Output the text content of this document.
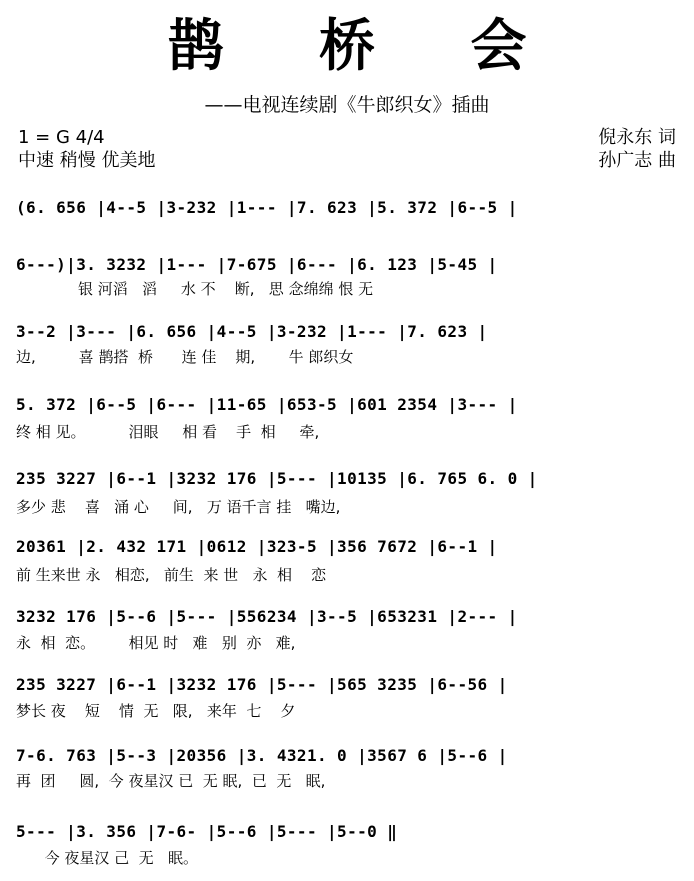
鹊 桥 会
——电视连续剧《牛郎织女》插曲
1 = G 4/4
中速 稍慢 优美地
倪永东 词
孙广志 曲
(6. 656 |4--5 |3-232 |1--- |7. 623 |5. 372 |6--5 |
6---)|3. 3232 |1--- |7-675 |6--- |6. 123 |5-45 |
银 河滔   滔     水 不    断,   思 念绵绵 恨 无
3--2 |3--- |6. 656 |4--5 |3-232 |1--- |7. 623 |
边,         喜 鹊搭  桥      连 佳    期,       牛 郎织女
5. 372 |6--5 |6--- |11-65 |653-5 |601 2354 |3--- |
终 相 见。         泪眼     相 看    手  相     牵,
235 3227 |6--1 |3232 176 |5--- |10135 |6. 765 6. 0 |
多少 悲    喜   涌 心     间,   万 语千言 挂   嘴边,
20361 |2. 432 171 |0612 |323-5 |356 7672 |6--1 |
前 生来世 永   相恋,   前生  来 世   永  相    恋
3232 176 |5--6 |5--- |556234 |3--5 |653231 |2--- |
永  相  恋。       相见 时   难   别  亦   难,
235 3227 |6--1 |3232 176 |5--- |565 3235 |6--56 |
梦长 夜    短    情  无   限,   来年  七    夕
7-6. 763 |5--3 |20356 |3. 4321. 0 |3567 6 |5--6 |
再  团     圆,  今 夜星汉 已  无 眠,  已  无   眠,
5--- |3. 356 |7-6- |5--6 |5--- |5--0 ‖
今 夜星汉 己  无   眠。
